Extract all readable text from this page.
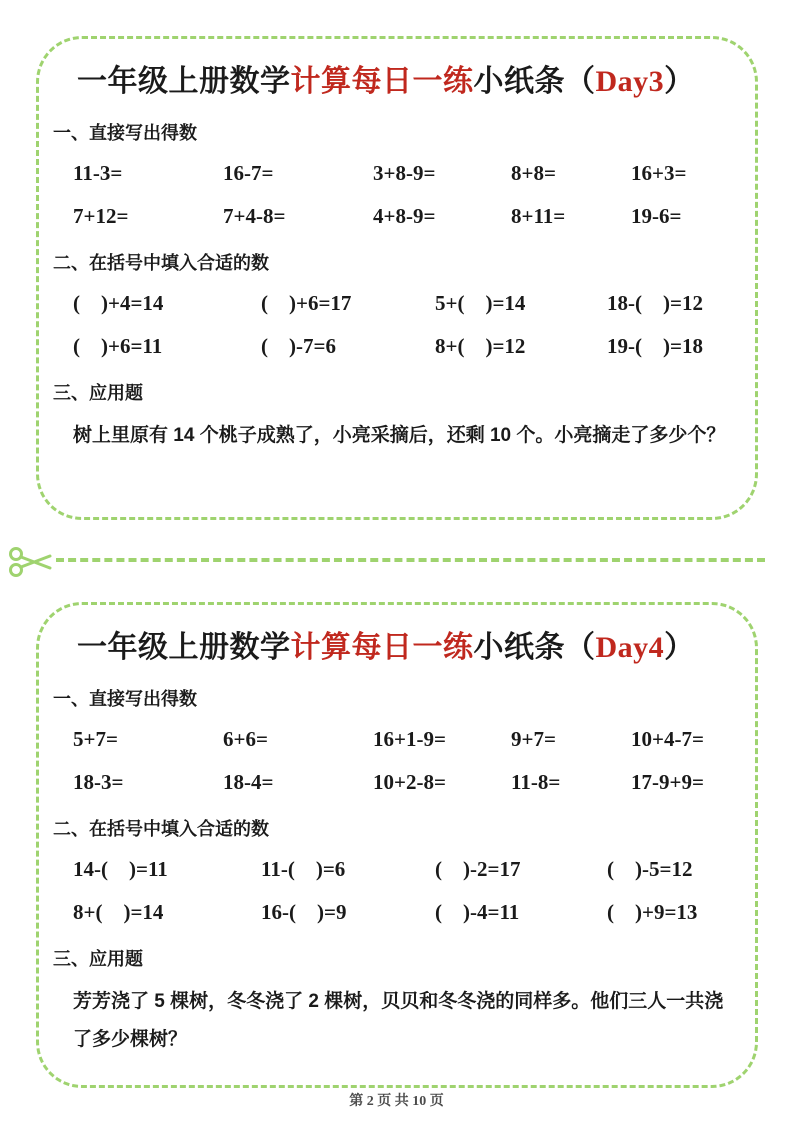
一年级上册数学计算每日一练小纸条（Day3）
一、直接写出得数
11-3=	16-7=	3+8-9=	8+8=	16+3=
7+12=	7+4-8=	4+8-9=	8+11=	19-6=
二、在括号中填入合适的数
(　)+4=14	(　)+6=17	5+(　)=14	18-(　)=12
(　)+6=11	(　)-7=6	8+(　)=12	19-(　)=18
三、应用题

树上里原有 14 个桃子成熟了，小亮采摘后，还剩 10 个。小亮摘走了多少个？

一年级上册数学计算每日一练小纸条（Day4）
一、直接写出得数
5+7=	6+6=	16+1-9=	9+7=	10+4-7=
18-3=	18-4=	10+2-8=	11-8=	17-9+9=
二、在括号中填入合适的数
14-(　)=11	11-(　)=6	(　)-2=17	(　)-5=12
8+(　)=14	16-(　)=9	(　)-4=11	(　)+9=13
三、应用题

芳芳浇了 5 棵树，冬冬浇了 2 棵树，贝贝和冬冬浇的同样多。他们三人一共浇了多少棵树？

第 2 页 共 10 页
